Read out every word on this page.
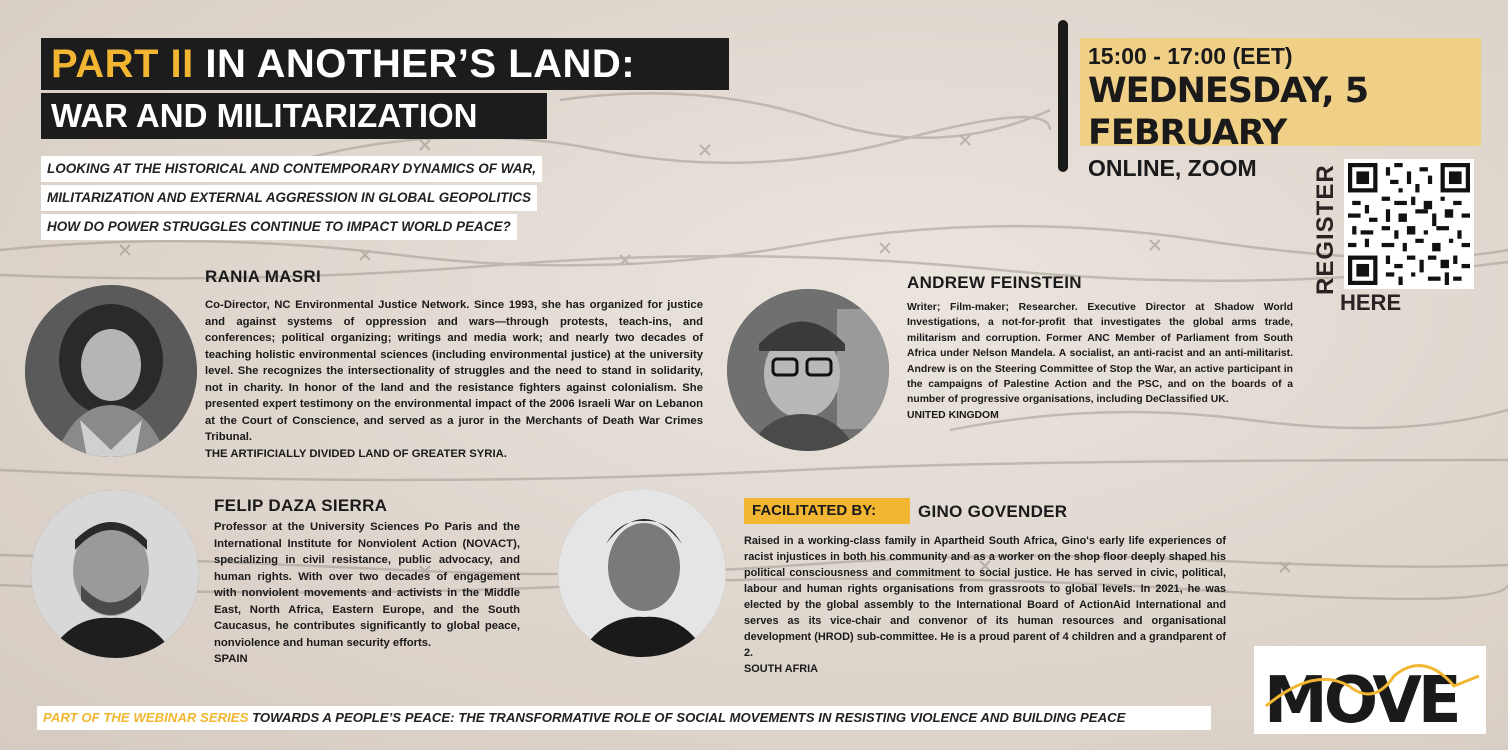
PART II IN ANOTHER’S LAND:
WAR AND MILITARIZATION
LOOKING AT THE HISTORICAL AND CONTEMPORARY DYNAMICS OF WAR,
MILITARIZATION AND EXTERNAL AGGRESSION IN GLOBAL GEOPOLITICS
HOW DO POWER STRUGGLES CONTINUE TO IMPACT WORLD PEACE?
15:00 - 17:00 (EET)
WEDNESDAY, 5 FEBRUARY
ONLINE, ZOOM	REGISTER
HERE
RANIA MASRI
Co-Director, NC Environmental Justice Network. Since 1993, she has organized for justice and against systems of oppression and wars—through protests, teach-ins, and conferences; political organizing; writings and media work; and nearly two decades of teaching holistic environmental sciences (including environmental justice) at the university level. She recognizes the intersectionality of struggles and the need to stand in solidarity, not in charity. In honor of the land and the resistance fighters against colonialism. She presented expert testimony on the environmental impact of the 2006 Israeli War on Lebanon at the Court of Conscience, and served as a juror in the Merchants of Death War Crimes Tribunal.
THE ARTIFICIALLY DIVIDED LAND OF GREATER SYRIA.
ANDREW FEINSTEIN
Writer; Film-maker; Researcher. Executive Director at Shadow World Investigations, a not-for-profit that investigates the global arms trade, militarism and corruption. Former ANC Member of Parliament from South Africa under Nelson Mandela. A socialist, an anti-racist and an anti-militarist. Andrew is on the Steering Committee of Stop the War, an active participant in the campaigns of Palestine Action and the PSC, and on the boards of a number of progressive organisations, including DeClassified UK.
UNITED KINGDOM
FELIP DAZA SIERRA
Professor at the University Sciences Po Paris and the International Institute for Nonviolent Action (NOVACT), specializing in civil resistance, public advocacy, and human rights. With over two decades of engagement with nonviolent movements and activists in the Middle East, North Africa, Eastern Europe, and the South Caucasus, he contributes significantly to global peace, nonviolence and human security efforts.
SPAIN
FACILITATED BY:	GINO GOVENDER
Raised in a working-class family in Apartheid South Africa, Gino's early life experiences of racist injustices in both his community and as a worker on the shop floor deeply shaped his political consciousness and commitment to social justice. He has served in civic, political, labour and human rights organisations from grassroots to global levels. In 2021, he was elected by the global assembly to the International Board of ActionAid International and serves as its vice-chair and convenor of its human resources and organisational development (HROD) sub-committee. He is a proud parent of 4 children and a grandparent of 2.
SOUTH AFRIA
PART OF THE WEBINAR SERIES TOWARDS A PEOPLE’S PEACE: THE TRANSFORMATIVE ROLE OF SOCIAL MOVEMENTS IN RESISTING VIOLENCE AND BUILDING PEACE	MOVE
